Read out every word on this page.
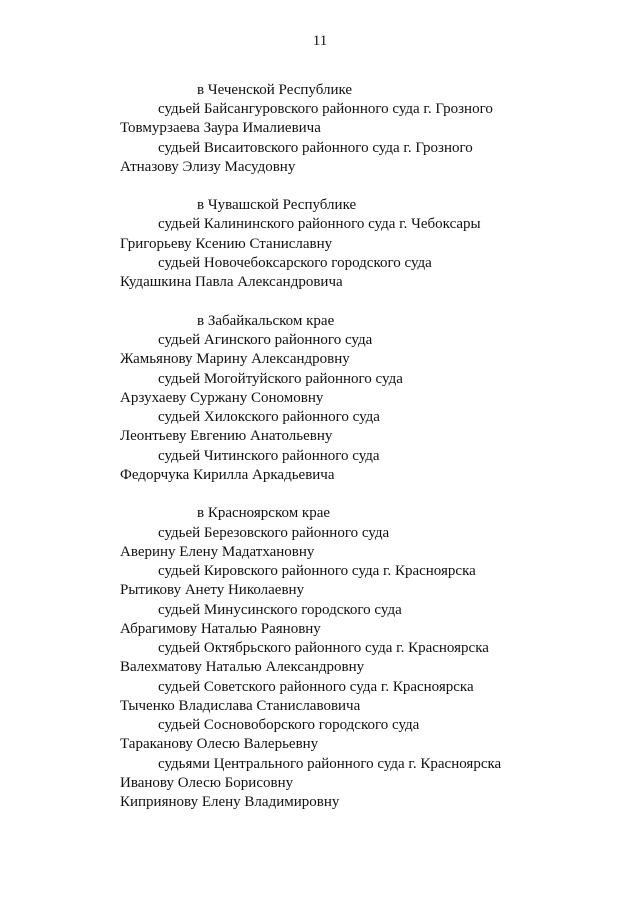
11
в Чеченской Республике
судьей Байсангуровского районного суда г. Грозного
Товмурзаева Заура Ималиевича
судьей Висаитовского районного суда г. Грозного
Атназову Элизу Масудовну
в Чувашской Республике
судьей Калининского районного суда г. Чебоксары
Григорьеву Ксению Станиславну
судьей Новочебоксарского городского суда
Кудашкина Павла Александровича
в Забайкальском крае
судьей Агинского районного суда
Жамьянову Марину Александровну
судьей Могойтуйского районного суда
Арзухаеву Суржану Сономовну
судьей Хилокского районного суда
Леонтьеву Евгению Анатольевну
судьей Читинского районного суда
Федорчука Кирилла Аркадьевича
в Красноярском крае
судьей Березовского районного суда
Аверину Елену Мадатхановну
судьей Кировского районного суда г. Красноярска
Рытикову Анету Николаевну
судьей Минусинского городского суда
Абрагимову Наталью Раяновну
судьей Октябрьского районного суда г. Красноярска
Валехматову Наталью Александровну
судьей Советского районного суда г. Красноярска
Тыченко Владислава Станиславовича
судьей Сосновоборского городского суда
Тараканову Олесю Валерьевну
судьями Центрального районного суда г. Красноярска
Иванову Олесю Борисовну
Киприянову Елену Владимировну
